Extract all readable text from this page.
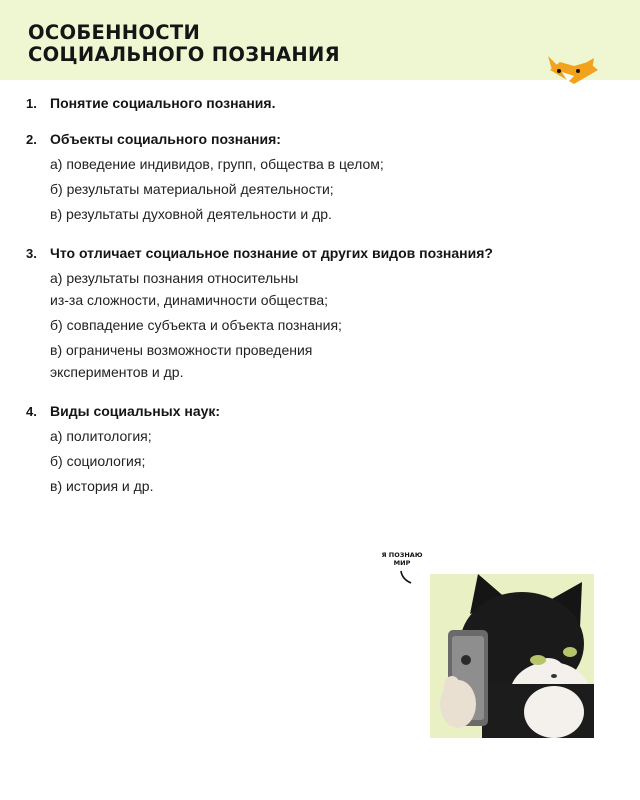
ОСОБЕННОСТИ
СОЦИАЛЬНОГО ПОЗНАНИЯ
1. Понятие социального познания.
2. Объекты социального познания:
а) поведение индивидов, групп, общества в целом;
б) результаты материальной деятельности;
в) результаты духовной деятельности и др.
3. Что отличает социальное познание от других видов познания?
а) результаты познания относительны
из-за сложности, динамичности общества;
б) совпадение субъекта и объекта познания;
в) ограничены возможности проведения
экспериментов и др.
4. Виды социальных наук:
а) политология;
б) социология;
в) история и др.
Я ПОЗНАЮ
МИР
